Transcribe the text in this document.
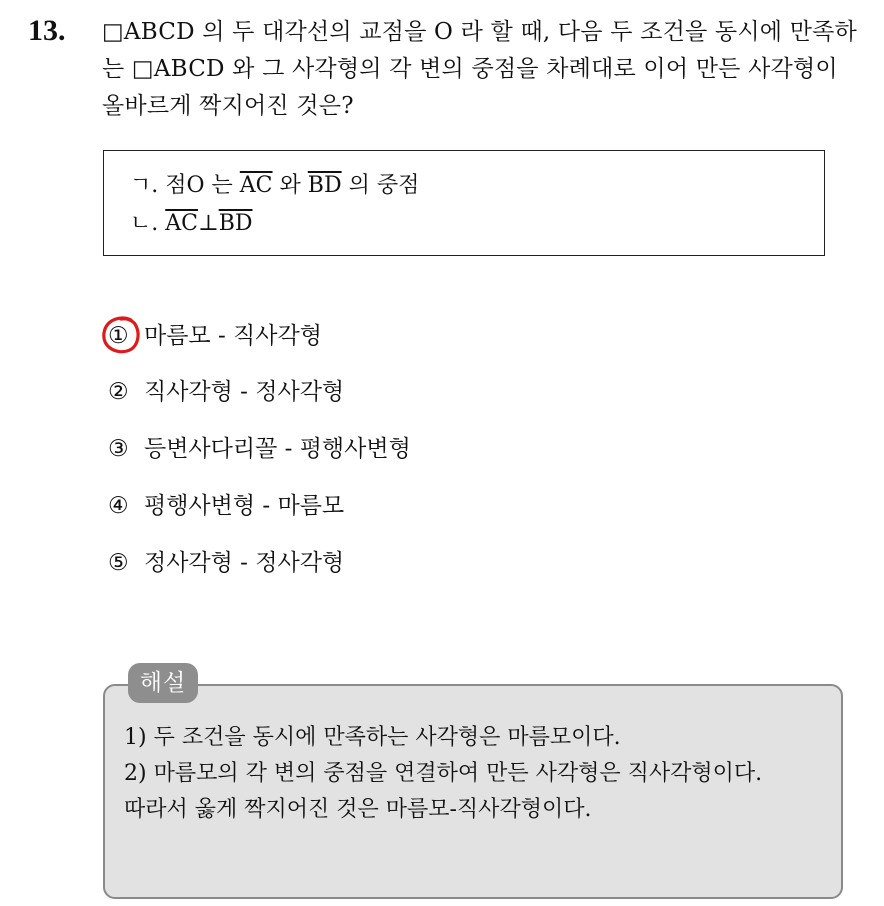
13. □ABCD 의 두 대각선의 교점을 O 라 할 때, 다음 두 조건을 동시에 만족하는 □ABCD 와 그 사각형의 각 변의 중점을 차례대로 이어 만든 사각형이 올바르게 짝지어진 것은?
ㄱ. 점O 는 $\overline{AC}$ 와 $\overline{BD}$ 의 중점
ㄴ. $\overline{AC}\perp\overline{BD}$
① 마름모 - 직사각형
② 직사각형 - 정사각형
③ 등변사다리꼴 - 평행사변형
④ 평행사변형 - 마름모
⑤ 정사각형 - 정사각형
해설
1) 두 조건을 동시에 만족하는 사각형은 마름모이다.
2) 마름모의 각 변의 중점을 연결하여 만든 사각형은 직사각형이다.
따라서 옳게 짝지어진 것은 마름모-직사각형이다.
